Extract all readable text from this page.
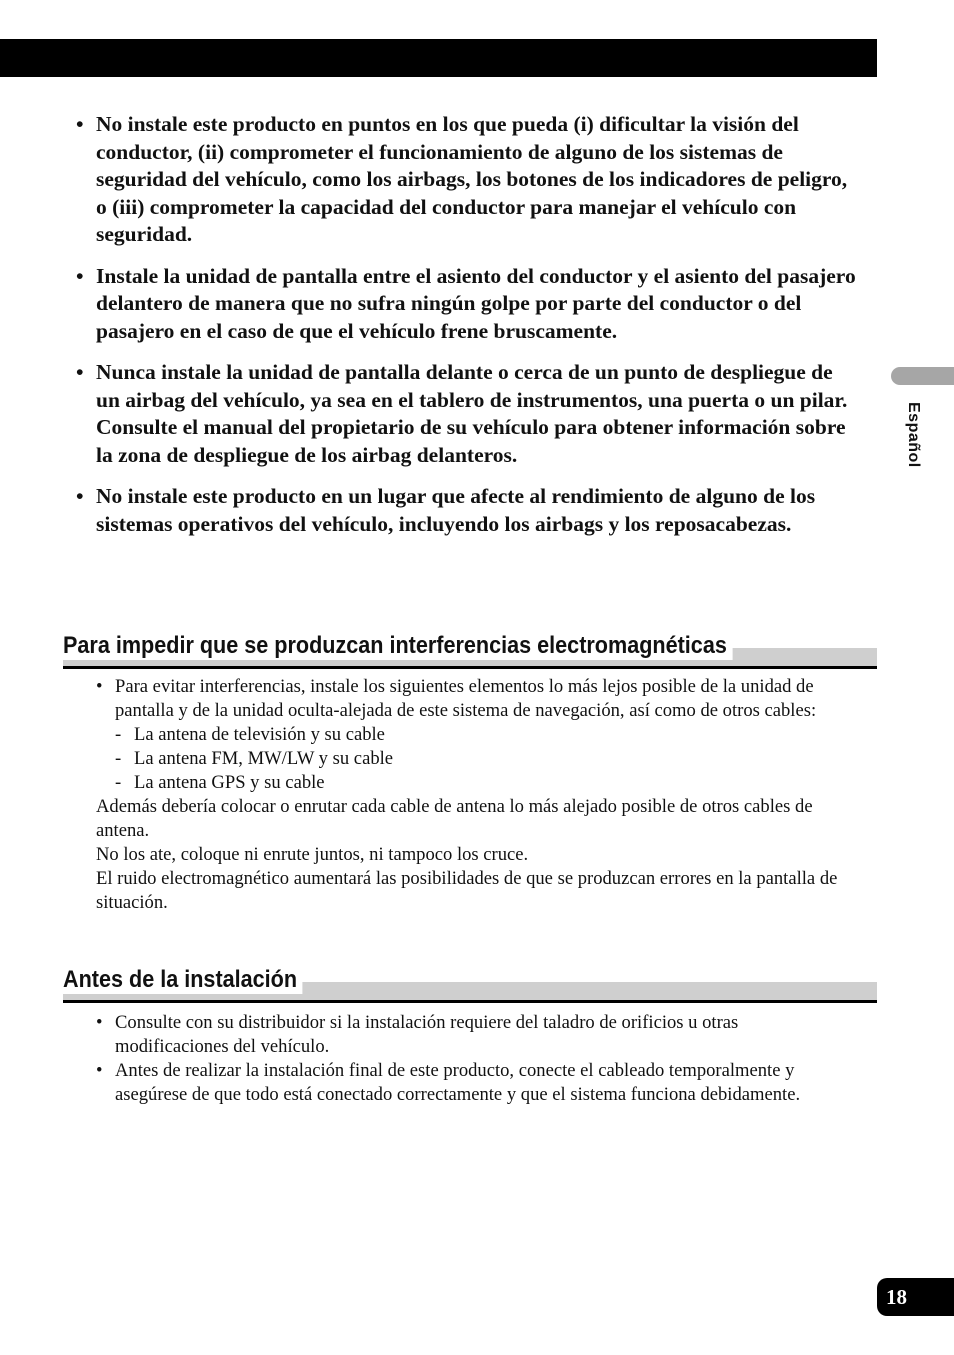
Español
• No instale este producto en puntos en los que pueda (i) dificultar la visión del conductor, (ii) comprometer el funcionamiento de alguno de los sistemas de seguridad del vehículo, como los airbags, los botones de los indicadores de peligro, o (iii) comprometer la capacidad del conductor para manejar el vehículo con seguridad.
• Instale la unidad de pantalla entre el asiento del conductor y el asiento del pasajero delantero de manera que no sufra ningún golpe por parte del conductor o del pasajero en el caso de que el vehículo frene bruscamente.
• Nunca instale la unidad de pantalla delante o cerca de un punto de despliegue de un airbag del vehículo, ya sea en el tablero de instrumentos, una puerta o un pilar. Consulte el manual del propietario de su vehículo para obtener información sobre la zona de despliegue de los airbag delanteros.
• No instale este producto en un lugar que afecte al rendimiento de alguno de los sistemas operativos del vehículo, incluyendo los airbags y los reposacabezas.
Para impedir que se produzcan interferencias electromagnéticas
• Para evitar interferencias, instale los siguientes elementos lo más lejos posible de la unidad de pantalla y de la unidad oculta-alejada de este sistema de navegación, así como de otros cables:
- La antena de televisión y su cable
- La antena FM, MW/LW y su cable
- La antena GPS y su cable
Además debería colocar o enrutar cada cable de antena lo más alejado posible de otros cables de antena.
No los ate, coloque ni enrute juntos, ni tampoco los cruce.
El ruido electromagnético aumentará las posibilidades de que se produzcan errores en la pantalla de situación.
Antes de la instalación
• Consulte con su distribuidor si la instalación requiere del taladro de orificios u otras modificaciones del vehículo.
• Antes de realizar la instalación final de este producto, conecte el cableado temporalmente y asegúrese de que todo está conectado correctamente y que el sistema funciona debidamente.
18
